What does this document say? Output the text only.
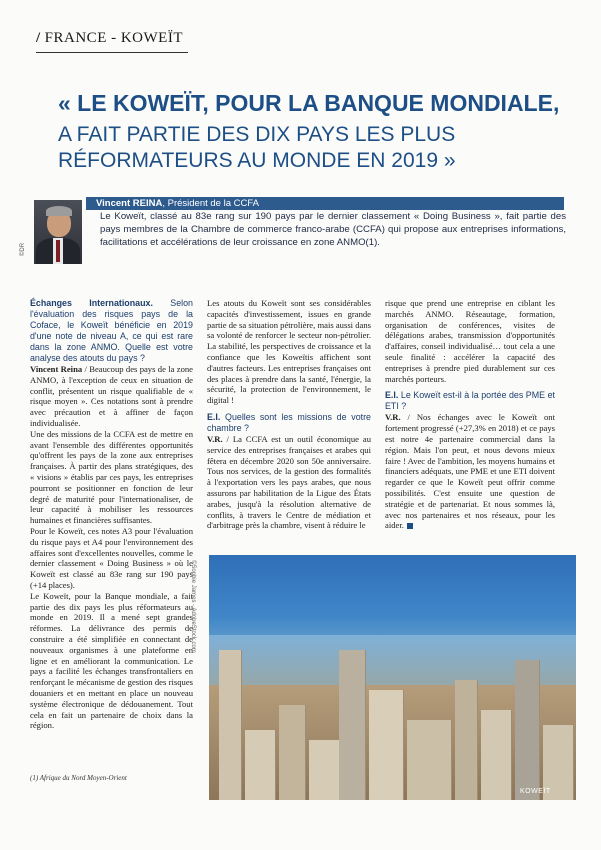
/ FRANCE - KOWEÏT
« LE KOWEÏT, POUR LA BANQUE MONDIALE,
A FAIT PARTIE DES DIX PAYS LES PLUS
RÉFORMATEURS AU MONDE EN 2019 »
©DR
Vincent REINA, Président de la CCFA
Le Koweït, classé au 83e rang sur 190 pays par le dernier classement « Doing Business », fait partie des pays membres de la Chambre de commerce franco-arabe (CCFA) qui propose aux entreprises informations, facilitations et accélérations de leur croissance en zone ANMO(1).

Échanges Internationaux. Selon l'évaluation des risques pays de la Coface, le Koweït bénéficie en 2019 d'une note de niveau A, ce qui est rare dans la zone ANMO. Quelle est votre analyse des atouts du pays ?

Vincent Reina / Beaucoup des pays de la zone ANMO, à l'exception de ceux en situation de conflit, présentent un risque qualifiable de « risque moyen ». Ces notations sont à prendre avec précaution et à affiner de façon individualisée.

Une des missions de la CCFA est de mettre en avant l'ensemble des différentes opportunités qu'offrent les pays de la zone aux entreprises françaises. À partir des plans stratégiques, des « visions » établis par ces pays, les entreprises pourront se positionner en fonction de leur degré de maturité pour l'internationaliser, de leur capacité à mobiliser les ressources humaines et financières suffisantes.

Pour le Koweït, ces notes A3 pour l'évaluation du risque pays et A4 pour l'environnement des affaires sont d'excellentes nouvelles, comme le dernier classement « Doing Business » où le Koweït est classé au 83e rang sur 190 pays (+14 places).

Le Koweït, pour la Banque mondiale, a fait partie des dix pays les plus réformateurs au monde en 2019. Il a mené sept grandes réformes. La délivrance des permis de construire a été simplifiée en connectant de nouveaux organismes à une plateforme en ligne et en améliorant la communication. Le pays a facilité les échanges transfrontaliers en renforçant le mécanisme de gestion des risques douaniers et en mettant en place un nouveau système électronique de dédouanement. Tout cela en fait un partenaire de choix dans la région.

Les atouts du Koweït sont ses considérables capacités d'investissement, issues en grande partie de sa situation pétrolière, mais aussi dans sa volonté de renforcer le secteur non-pétrolier. La stabilité, les perspectives de croissance et la confiance que les Koweïtis affichent sont d'autres facteurs. Les entreprises françaises ont des places à prendre dans la santé, l'énergie, la sécurité, la protection de l'environnement, le digital !

E.I. Quelles sont les missions de votre chambre ?

V.R. / La CCFA est un outil économique au service des entreprises françaises et arabes qui fêtera en décembre 2020 son 50e anniversaire. Tous nos services, de la gestion des formalités à l'exportation vers les pays arabes, que nous assurons par habilitation de la Ligue des États arabes, jusqu'à la résolution alternative de conflits, à travers le Centre de médiation et d'arbitrage près la chambre, visent à réduire le

risque que prend une entreprise en ciblant les marchés ANMO. Réseautage, formation, organisation de conférences, visites de délégations arabes, transmission d'opportunités d'affaires, conseil individualisé… tout cela a une seule finalité : accélérer la capacité des entreprises à prendre pied durablement sur ces marchés porteurs.

E.I. Le Koweït est-il à la portée des PME et ETI ?

V.R. / Nos échanges avec le Koweït ont fortement progressé (+27,3% en 2018) et ce pays est notre 4e partenaire commercial dans la région. Mais l'on peut, et nous devons mieux faire ! Avec de l'ambition, les moyens humains et financiers adéquats, une PME et une ETI doivent regarder ce que le Koweït peut offrir comme possibilités. C'est ensuite une question de stratégie et de partenariat. Et nous sommes là, avec nos partenaires et nos réseaux, pour les aider.

©Sophie James - AdobeStock.com
KOWEÏT
(1) Afrique du Nord Moyen-Orient
